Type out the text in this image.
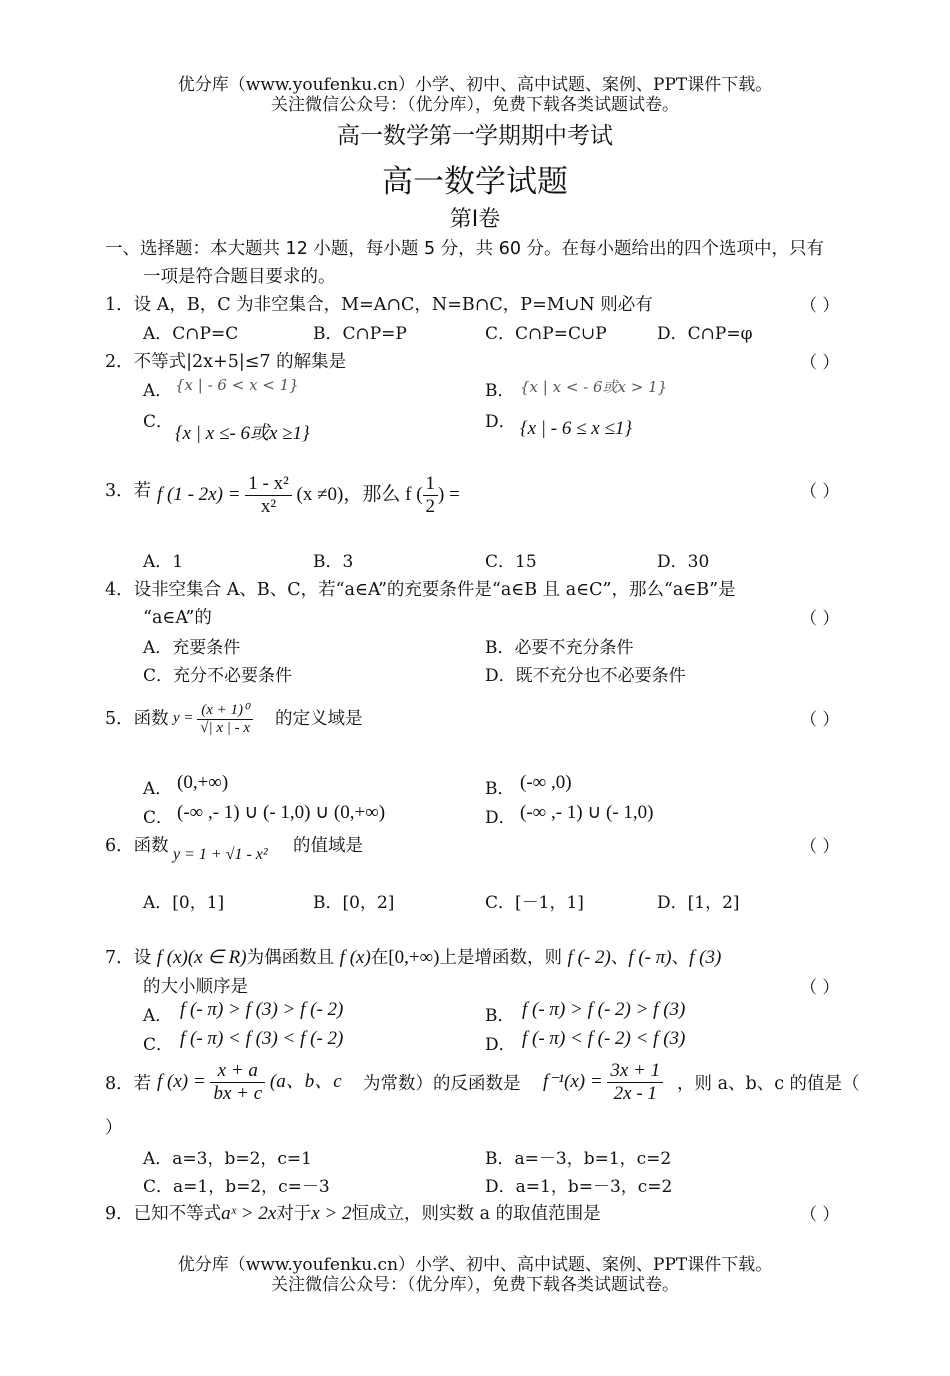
优分库（www.youfenku.cn）小学、初中、高中试题、案例、PPT课件下载。
关注微信公众号：（优分库），免费下载各类试题试卷。
高一数学第一学期期中考试
高一数学试题
第Ⅰ卷
一、选择题：本大题共 12 小题，每小题 5 分，共 60 分。在每小题给出的四个选项中，只有
一项是符合题目要求的。
1．设 A，B，C 为非空集合，M=A∩C，N=B∩C，P=M∪N 则必有	（ ）
A．C∩P=C	B．C∩P=P	C．C∩P=C∪P	D．C∩P=φ
2．不等式|2x+5|≤7 的解集是	（ ）
A． {x | - 6 < x < 1}	B． {x | x < - 6或x > 1}
C．
{x | x ≤- 6或x ≥1}
D． {x | - 6 ≤ x ≤1}
3．若 f $(1 - 2x) = \frac{\text{1 - x²}}{\text{x²}} (x \ne 0)$，那么 f ( $\frac{1}{2}$ ) =	（ ）
A．1	B．3	C．15	D．30
4．设非空集合 A、B、C，若“a∈A”的充要条件是“a∈B 且 a∈C”，那么“a∈B”是
“a∈A”的	（ ）
A．充要条件	B．必要不充分条件
C．充分不必要条件	D．既不充分也不必要条件
5．函数 $y = \frac{\text{(x + 1)⁰}}{√| x | - x}$ 的定义域是	（ ）
A． (0,+∞)	B． (-∞ ,0)
C． (-∞ ,- 1) ∪ (- 1,0) ∪ (0,+∞)	D． (-∞ ,- 1) ∪ (- 1,0)
6．函数 y = 1 + √1 - x² 的值域是	（ ）
A．[0，1]	B．[0，2]	C．[－1，1]	D．[1，2]
7．设 f (x)(x ∈ R)为偶函数且 f (x)在[0,+∞)上是增函数，则 f (- 2)、f (- π)、f (3)
的大小顺序是	（ ）
A． f (- π) > f (3) > f (- 2)	B． f (- π) > f (- 2) > f (3)
C． f (- π) < f (3) < f (- 2)	D． f (- π) < f (- 2) < f (3)
8．若 f $(x) = \frac{x + a}{bx + c} (a$、b、c 为常数）的反函数是 $f^{-1}(x) = \frac{3x + 1}{2x - 1}$ ，则 a、b、c 的值是（
）
A．a=3，b=2，c=1	B．a=－3，b=1，c=2
C．a=1，b=2，c=－3	D．a=1，b=－3，c=2
9．已知不等式aˣ > 2x对于x > 2恒成立，则实数 a 的取值范围是	（ ）
优分库（www.youfenku.cn）小学、初中、高中试题、案例、PPT课件下载。
关注微信公众号：（优分库），免费下载各类试题试卷。
